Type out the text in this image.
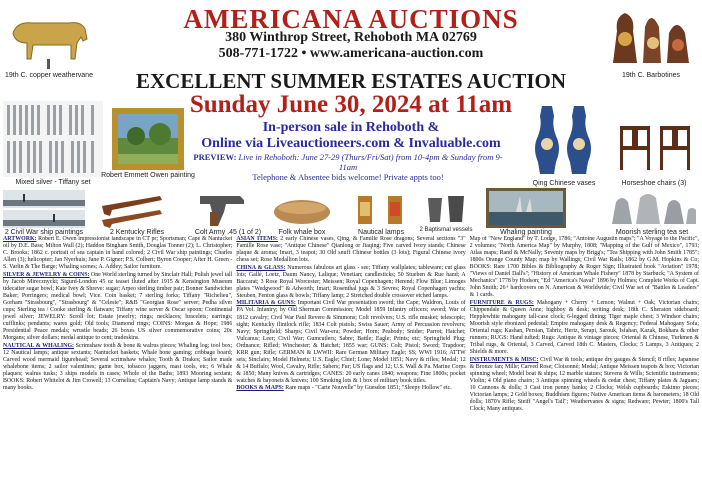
AMERICANA AUCTIONS
380 Winthrop Street, Rehoboth MA 02769
508-771-1722 • www.americana-auction.com
EXCELLENT SUMMER ESTATES AUCTION
Sunday June 30, 2024 at 11am
In-person sale in Rehoboth &
Online via Liveauctioneers.com & Invaluable.com
PREVIEW: Live in Rehoboth: June 27-29 (Thurs/Fri/Sat) from 10-4pm & Sunday from 9-11am
Telephone & Absentee bids welcome! Private appts too!
19th C. copper weathervane	19th C. Barbotines
Mixed silver - Tiffany set
Robert Emmett Owen painting
Qing Chinese vases	Horseshoe chairs (3)
2 Civil War ship paintings	2 Kentucky Rifles	Colt Army .45 (1 of 2)	Folk whale box	Nautical lamps	2 Baptismal vessels	Whaling painting	Moorish sterling tea set

ARTWORK: Robert E. Owen impressionist landscape in CT pr; Sportsman; Cape & Nantucket oil by D.E. Bass; Milton Wall (2); Haddon Bingham Smith, Douglas Tonner (2); L. Christopher; C. Brooks; 1862 c. portrait of sea captain in hand colored; 2 Civil War ship paintings; Charles Allen (3); helicopter; Jan Nyerhuis; Jane P. Gigner; P.S. Colbert; Byron Cooper; After H. Green - S. Varlin & The Barge; Whaling scenes; A. Addey; Sailor furniture.

SILVER & JEWELRY & COINS: One World sterling turned by Sinclair Hall; Polish jewel tall by Jacob Mirecznycki; Sigurd-London 45 oz teaset fluted after 1915 & Kensington Museum tidecatter sugar bowl; Kate Ivey & Shreve: sugar; Arpeo sterling timber pair; Bonner Sandwicher Baker; Porringers; medical bowl; Vice. Coin basket; 7 sterling forks; Tiffany "Richelieu", Gorham "Strasbourg", "Strasbourg" & "Celeste"; R&B "Georgian Rose" server; Pedha silver cups; Sterling tea / Cooke sterling & flatware; Tiffany wine server & Oscar spoon; Continental jewel silver; JEWELRY: Scroll lot; Estate jewelry; rings; necklaces; bracelets; earrings; cufflinks; pendants; wares gold; Old tools; Diamond rings; COINS: Morgan & Hope; 1986 Presidential Peace medals; wrustle beads; 26 boxes US silver commemorative coins; 20c Morgans; silver dollars; medal antique to cent; tradeskins.

NAUTICAL & WHALING: Scrimshaw tooth & bone & walrus pieces; Whaling log; tool box; 12 Nautical lamps; antique sextants; Nantucket baskets; Whale bone gaming; cribbage board; Carved wood mermaid figurehead; Several scrimshaw whales; Tooth & Drakes; Sailor made whalebone items; 2 sailor valentines; game box, tobacco jaggers, mast tools, etc; 6 Whale plaques; walrus tusks; 3 ships models in cases; Whole of the Baths; 1893 Mooring sextant; BOOKS: Robert Whitelot & Jim Crowell; 13 Cornelius; Captain's Navy; Antique lamp stands & many books.

ASIAN ITEMS: 2 early Chinese vases, Qing, & Famille Rose dragons; Several sections "3" Famille Rose vase; "Antique Chinese" Qianlong or Jiaqing; Five carved Ivory stands; Chinese plaque & aroma; Imari, 3 teapot; 30 Old snuff Chinese bottles (3 lots); Figural Chinese ivory chess set; Rose Medallion lots.

CHINA & GLASS: Numerous fabulous art glass - see; Tiffany wallplates; tableware; cut glass lots; Gallé, Loetz, Daum Nancy, Lalique; Venetian; candlesticks; 50 Stueben & Rue hand; A Baccarat; 3 Rose Royal Worcester; Meissen; Royal Copenhagen; Herend; Flow Blue; Limoges plates "Wedgwood" & Adworth; Imari; Rosenthal jugs & 3 Sevres; Royal Copenhagen yachts; Steuben, Fenton glass & bowls; Tiffany lamp; 2 Stretched double crossover etched lamps.

MILITARIA & GUNS: Important Civil War presentation sword; the Cape; Waldron, Louis of PA Vol. Infantry; by Old Sherman Commission; Model 1859 Infantry officers; sword; War of 1812 cavalry; Civil War Paul Revere & Simmons; Colt revolvers; U.S. rifle musket; telescopic; sight; Kentucky flintlock rifle; 1834 Colt pistols; Swiss Sauer; Army of Percussion revolvers; Navy; Springfield; Sharps; Civil War-era; Powder; Horn; Peabody; Snider; Parrot; Hatchet; Vulcanus; Leer; Civil War; Gumcutlers; Sabre; Battle; Eagle; Prints; etc; Springfield Plug; Ordnance; Rifled; Winchester; & Hatchet; 1855 war; GUNS: Colt; Pistol; Sword; Trapdoor; KRR gun; Rifle; GERMAN & LWWII: Rare German Military Eagle; SS; WWI 1916; ATTW sets; Sinclairs; Model Helmets; U.S. Eagle; Chief; Lone; Model 1851; Navy & rifles; Medal; 12 & 14 Buffalo; Wool, Cavalry, Rifle; Sabers; Fur; US flags and 12; U.S. Wall & Pa. Marine Corps & 1850; Many knives & cartridges; CANES: 20 early canes 1840; weapons; Fine 1800s; pocket watches & bayonets & knives; 100 Smoking lots & 1 box of military book titles.

BOOKS & MAPS: Rare maps - "Carte Nouvelle" by Guesdon 1851; "Sleepy Hollow" etc.

Map of "New England" by T. Lodge, 1786; "Antoine Augustin maps"; "A Voyage to the Pacific", 2 volumes; "North America Map" by Murphy, 1808; "Mapping of the Gulf of Mexico", 1793; Atlas maps; Rand & McNally; Seventy maps by Brigg's; "Tea Shipping with John Smith 1785"; 1800s Orange County Map; map by Wallings; Civil War Rails; 1862 by G.M. Hopkins & Co; BOOKS: Rare 1700 Bibles & Bibliography & Roger Sign; Illustrated book "Aviation" 1978; "Views of Daniel Dall's"; "History of American Whale Fishery" 1878 by Starbuck; "A System of Mechanics" 1778 by Hodson; "Ed "America's Naval" 1896 by Holmes; Complete Works of Capt. John Smith; 26+ hardcovers on N. American & Worldwide; Civil War set of "Battles & Leaders" & 1 cards.

FURNITURE & RUGS: Mahogany + Cherry + Lemon; Walnut + Oak; Victorian chairs; Chippendale & Queen Anne; highboy & desk; writing desk; 18th C. Sheraton sideboard; Hepplewhite mahogany tall-case clock; 6-legged dining; Tiger maple chest; 3 Windsor chairs; Moorish style ebonized pedestal; Empire mahogany desk & Regency; Federal Mahogany Sofa; Oriental rugs; Kashan, Persian, Tabriz, Heriz, Serapi, Sarouk, Isfahan, Kazak, Bokhara & other runners; RUGS: Hand tufted; Rugs: Antique & vintage pieces; Oriental & Chinese, Turkmen & Tribal rugs, & Oriental, 3 Carved, Carved 18th C. Masters, Clocks; 5 Lamps, 3 Antiques; 2 Shields & more.

INSTRUMENTS & MISC: Civil War & tools; antique dry gauges & Stencil; 8 rifles; Japanese & Bronze fan; Mille; Carved Rose; Cloisonné; Medal; Antique Meissen teapots & box; Victorian spinning wheel; Model boat & ships; 12 marble statues; Stevens & Wills; Scientific instruments; Violin; 4 Old piano chairs; 3 Antique spinning wheels & cedar chest; Tiffany plates & Jaguars; 10 Cannons & dolls; 3 Cast iron penny banks; 2 Clocks; Welsh cupboards; Eskimo pieces; Victorian lamps; 2 Gold boxes; Buddhism figures; Native American items & barometers; 18 Old dolls; 1870's Rifle; Steiff "Angel's Tail"; Weathervanes & signs; Redware; Pewter; 1800's Tall Clock; Many antiques.
